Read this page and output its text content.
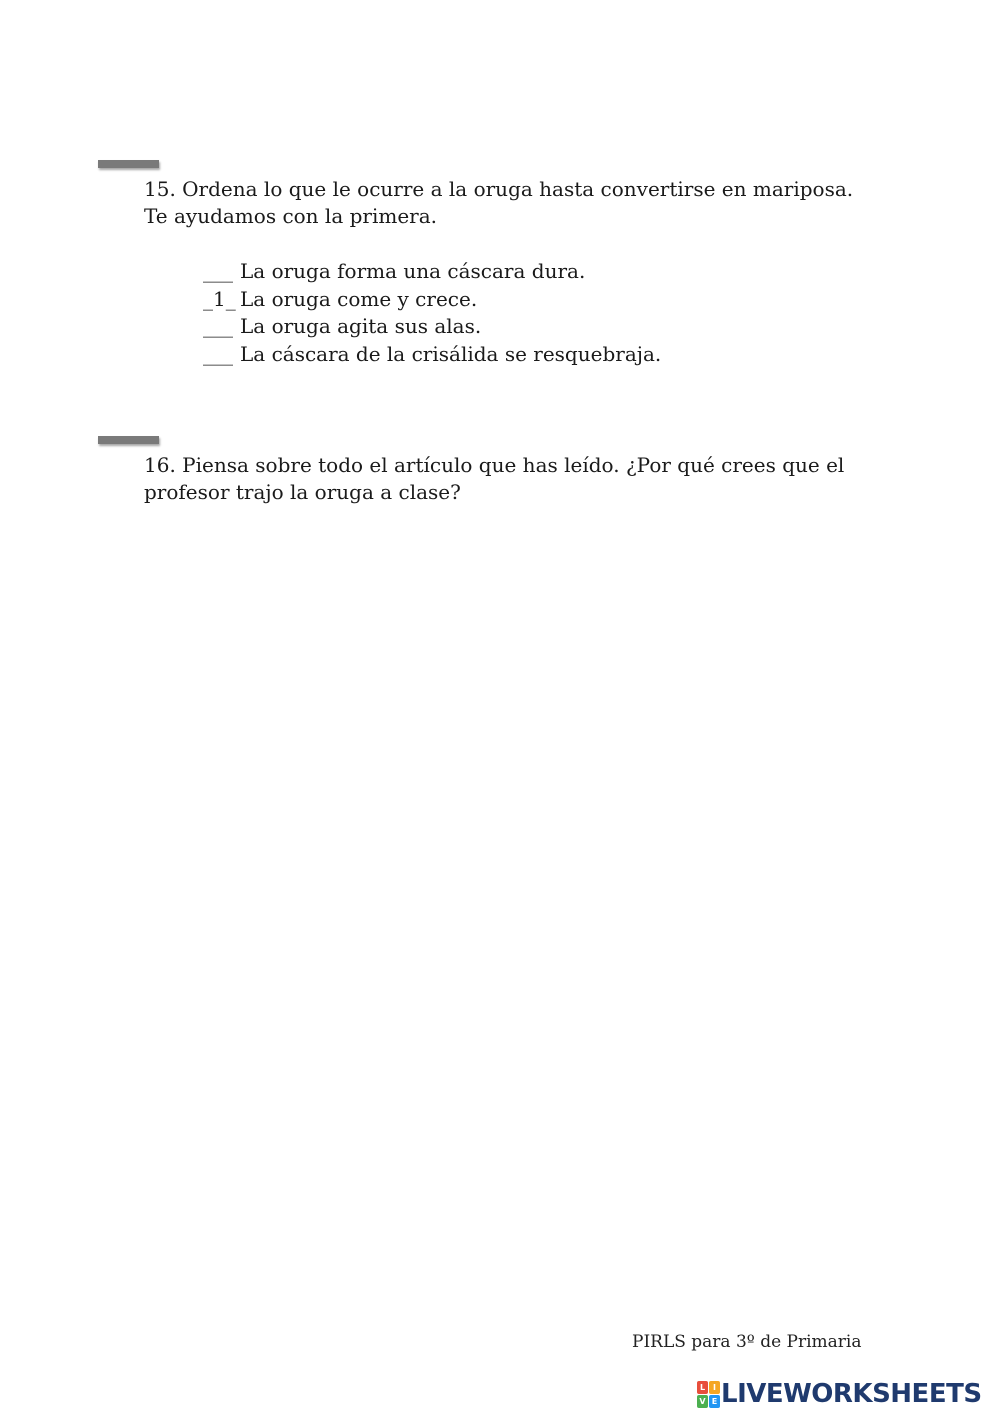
15. Ordena lo que le ocurre a la oruga hasta convertirse en mariposa.
Te ayudamos con la primera.

___ La oruga forma una cáscara dura.
_1_ La oruga come y crece.
___ La oruga agita sus alas.
___ La cáscara de la crisálida se resquebraja.

16. Piensa sobre todo el artículo que has leído. ¿Por qué crees que el
profesor trajo la oruga a clase?

PIRLS para 3º de Primaria
L I
V E LIVEWORKSHEETS
